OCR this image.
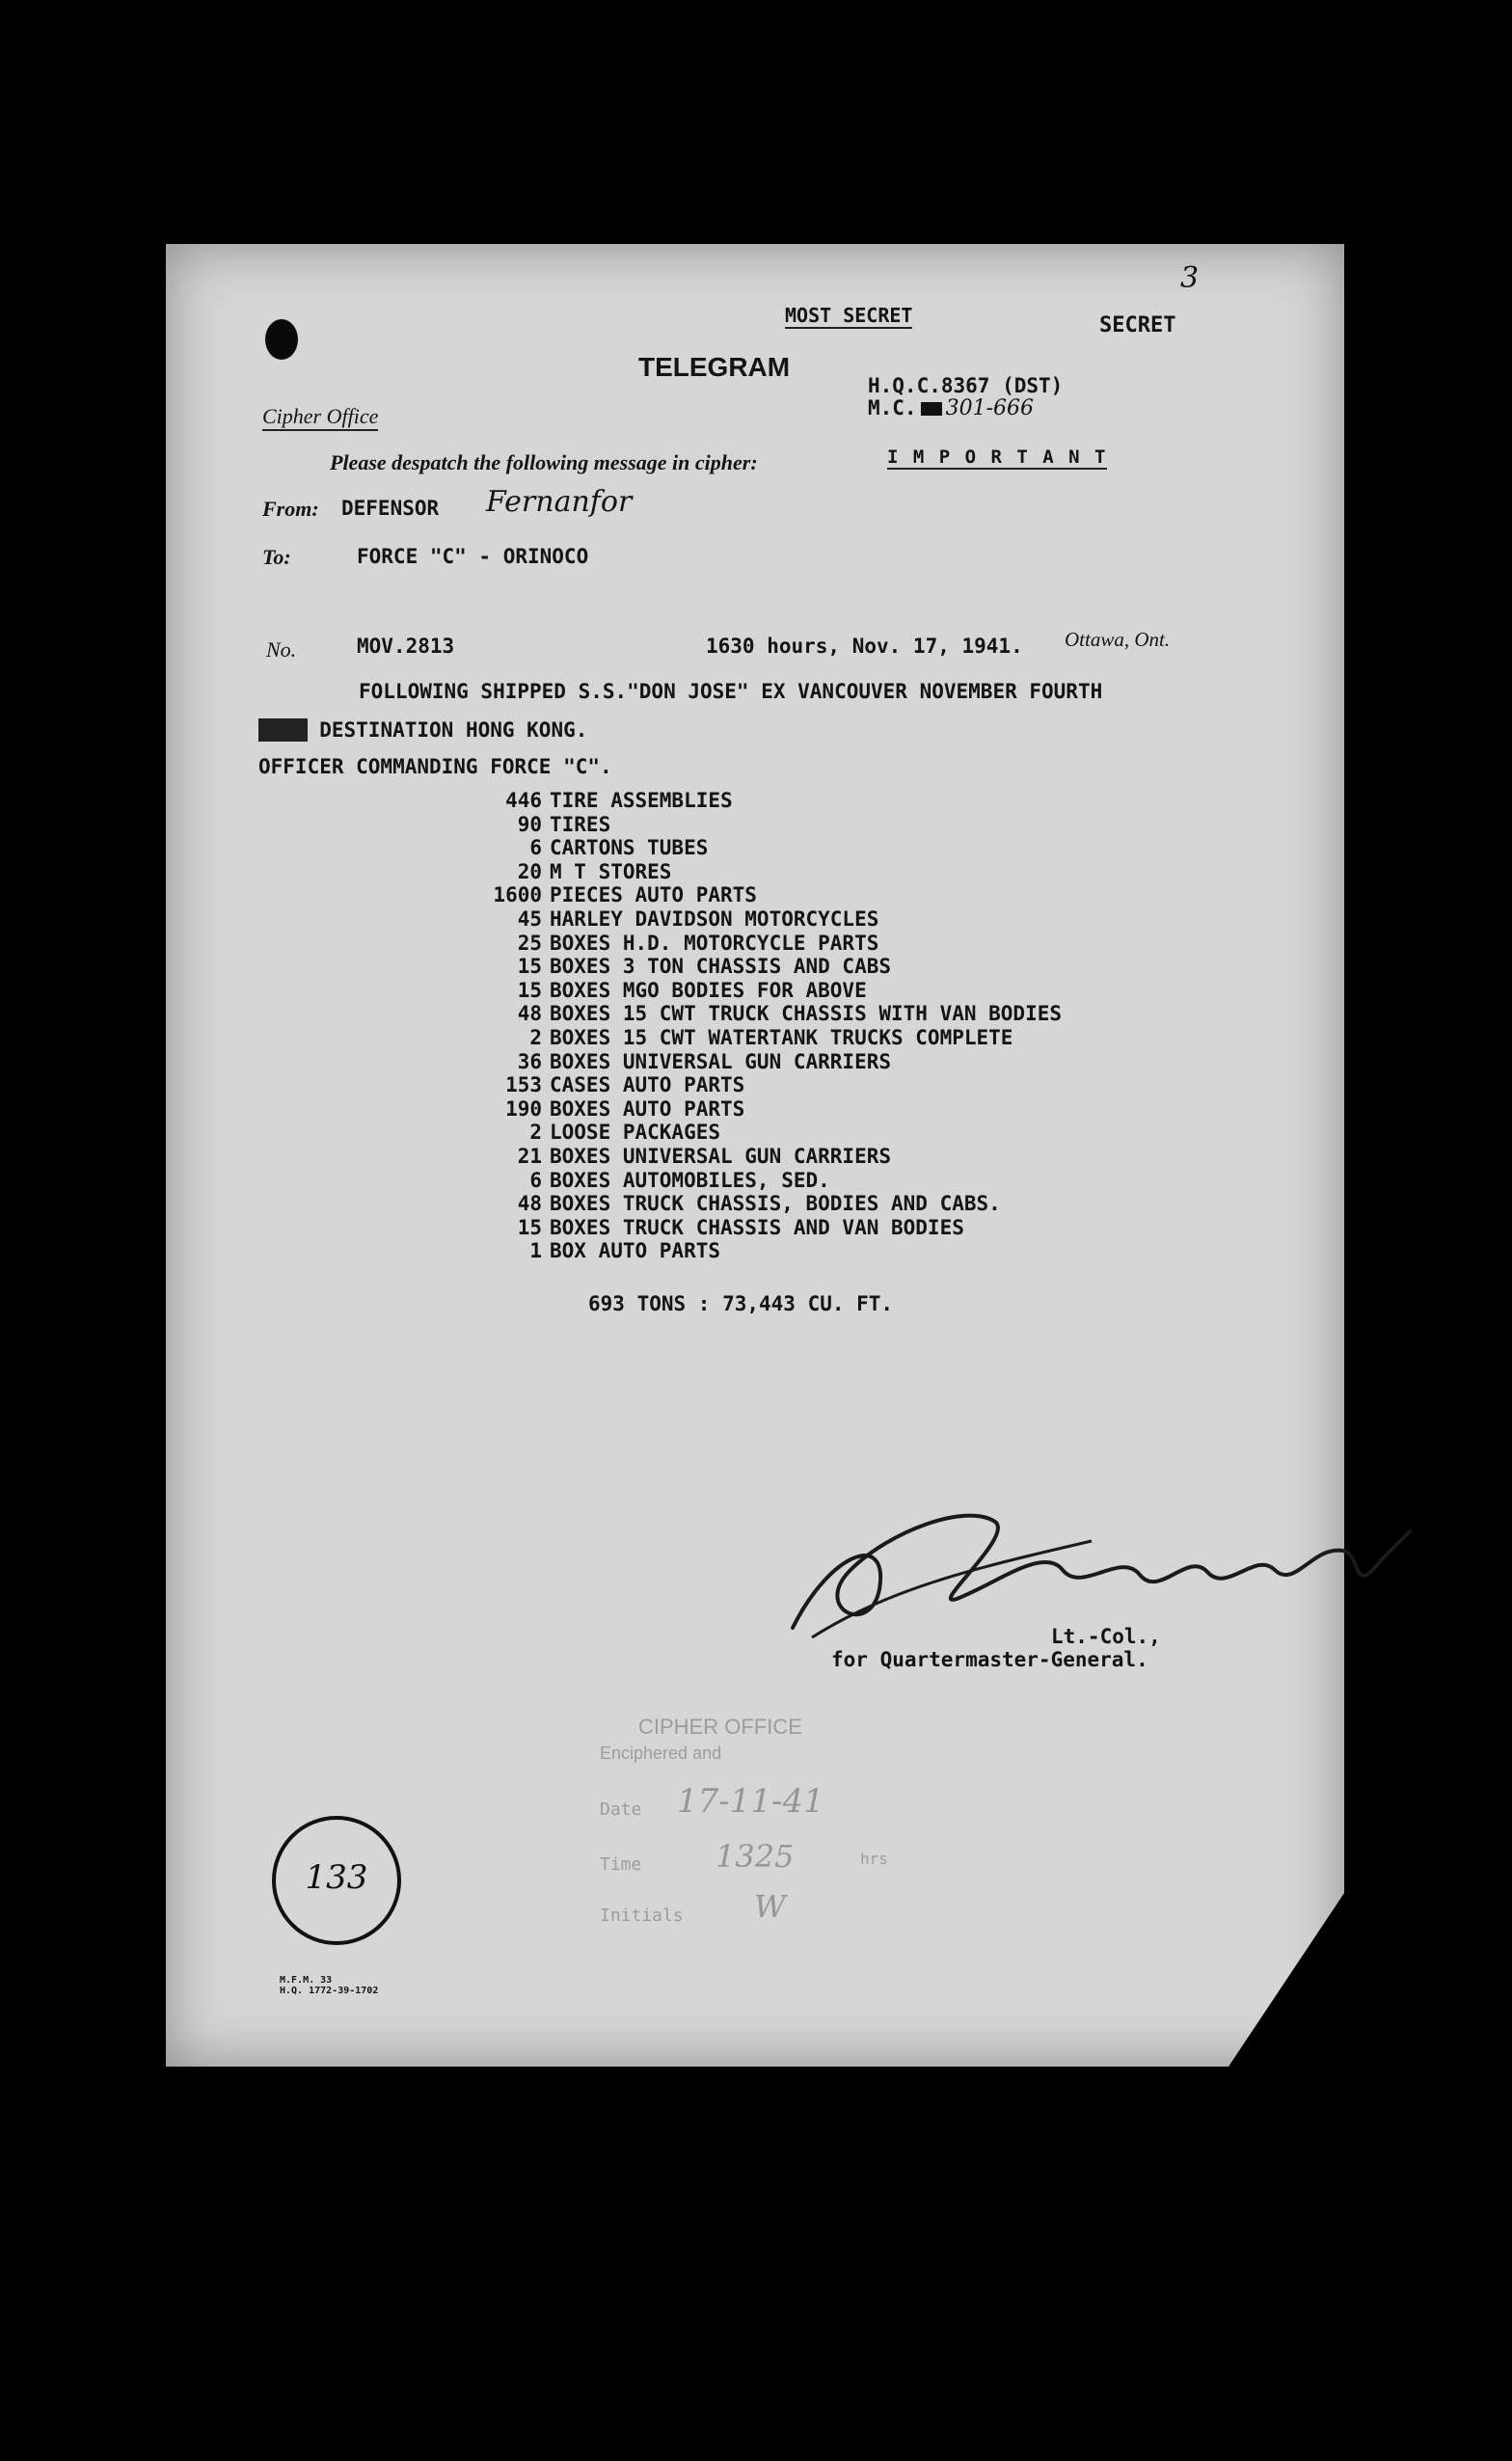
MOST SECRET	SECRET
3
TELEGRAM
H.Q.C.8367 (DST)
M.C. 301-666
Cipher Office
Please despatch the following message in cipher:	I M P O R T A N T
From: DEFENSOR Fernanfor
To:	FORCE "C" - ORINOCO
No.	MOV.2813	1630 hours, Nov. 17, 1941. Ottawa, Ont.
FOLLOWING SHIPPED S.S."DON JOSE" EX VANCOUVER NOVEMBER FOURTH
XXXX DESTINATION HONG KONG.
OFFICER COMMANDING FORCE "C".
446 TIRE ASSEMBLIES
90 TIRES
6 CARTONS TUBES
20 M T STORES
1600 PIECES AUTO PARTS
45 HARLEY DAVIDSON MOTORCYCLES
25 BOXES H.D. MOTORCYCLE PARTS
15 BOXES 3 TON CHASSIS AND CABS
15 BOXES MGO BODIES FOR ABOVE
48 BOXES 15 CWT TRUCK CHASSIS WITH VAN BODIES
2 BOXES 15 CWT WATERTANK TRUCKS COMPLETE
36 BOXES UNIVERSAL GUN CARRIERS
153 CASES AUTO PARTS
190 BOXES AUTO PARTS
2 LOOSE PACKAGES
21 BOXES UNIVERSAL GUN CARRIERS
6 BOXES AUTOMOBILES, SED.
48 BOXES TRUCK CHASSIS, BODIES AND CABS.
15 BOXES TRUCK CHASSIS AND VAN BODIES
1 BOX AUTO PARTS
693 TONS : 73,443 CU. FT.
Lt.-Col.,
for Quartermaster-General.
CIPHER OFFICE
Enciphered and
Date 17-11-41
Time 1325	hrs
Initials W
133
M.F.M. 33
H.Q. 1772-39-1702
